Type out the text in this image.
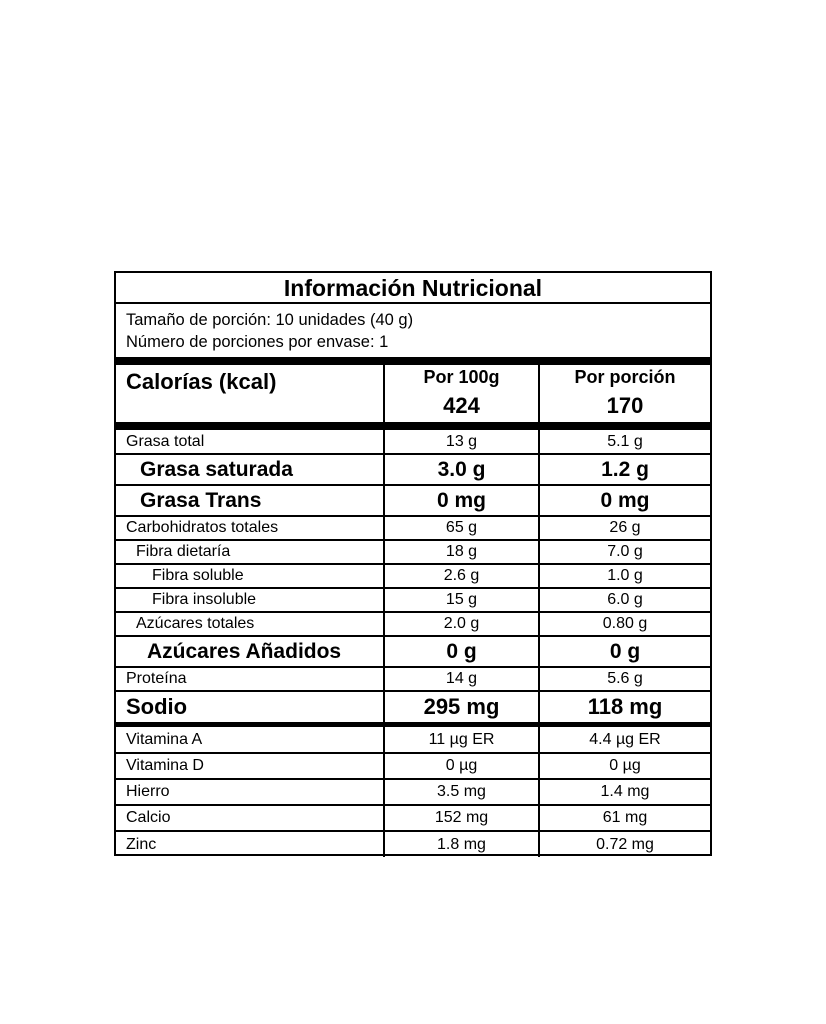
Información Nutricional
Tamaño de porción: 10 unidades (40 g)
Número de porciones por envase: 1
Calorías (kcal)	Por 100g	Por porción
	424	170
Grasa total	13 g	5.1 g
Grasa saturada	3.0 g	1.2 g
Grasa Trans	0 mg	0 mg
Carbohidratos totales	65 g	26 g
Fibra dietaría	18 g	7.0 g
Fibra soluble	2.6 g	1.0 g
Fibra insoluble	15 g	6.0 g
Azúcares totales	2.0 g	0.80 g
Azúcares Añadidos	0 g	0 g
Proteína	14 g	5.6 g
Sodio	295 mg	118 mg
Vitamina A	11 µg ER	4.4 µg ER
Vitamina D	0 µg	0 µg
Hierro	3.5 mg	1.4 mg
Calcio	152 mg	61 mg
Zinc	1.8 mg	0.72 mg
